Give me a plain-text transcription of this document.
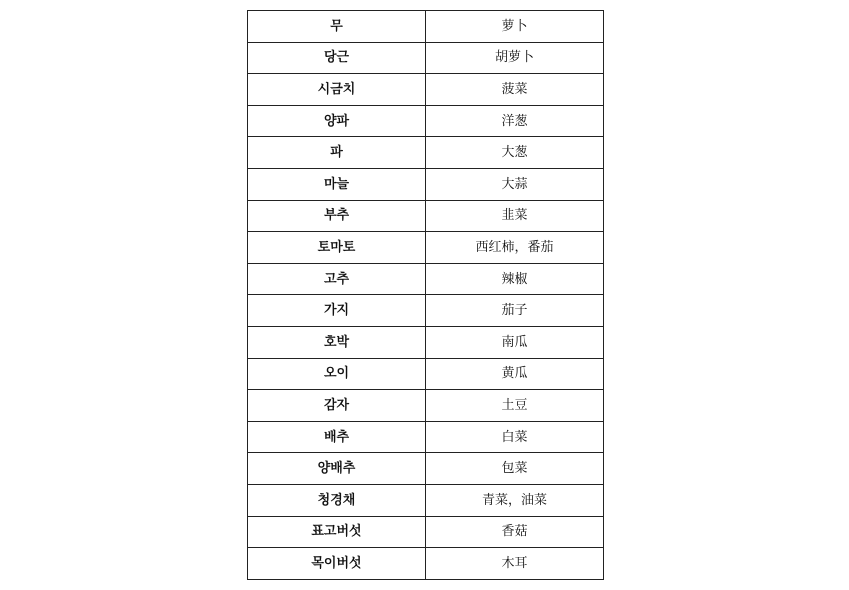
무	萝卜
당근	胡萝卜
시금치	菠菜
양파	洋葱
파	大葱
마늘	大蒜
부추	韭菜
토마토	西红柿，番茄
고추	辣椒
가지	茄子
호박	南瓜
오이	黄瓜
감자	土豆
배추	白菜
양배추	包菜
청경채	青菜，油菜
표고버섯	香菇
목이버섯	木耳
